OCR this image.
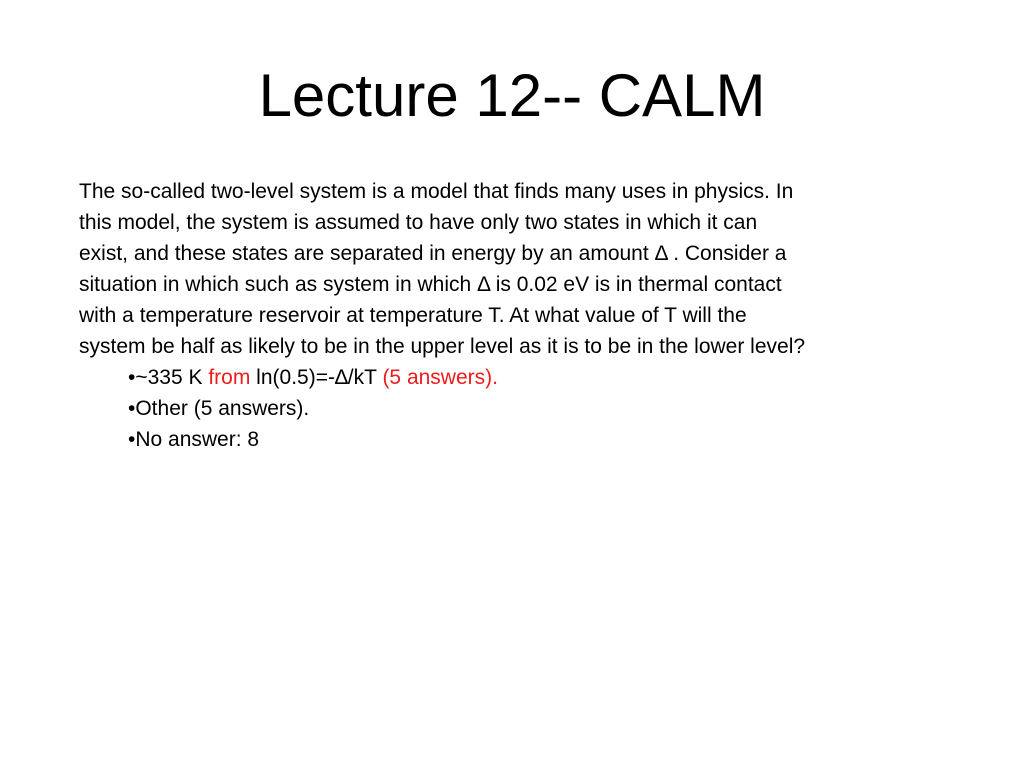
Lecture 12-- CALM

The so-called two-level system is a model that finds many uses in physics. In
this model, the system is assumed to have only two states in which it can
exist, and these states are separated in energy by an amount Δ . Consider a
situation in which such as system in which Δ is 0.02 eV is in thermal contact
with a temperature reservoir at temperature T. At what value of T will the
system be half as likely to be in the upper level as it is to be in the lower level?

•~335 K from ln(0.5)=-∆/kT (5 answers).
•Other (5 answers).
•No answer: 8
